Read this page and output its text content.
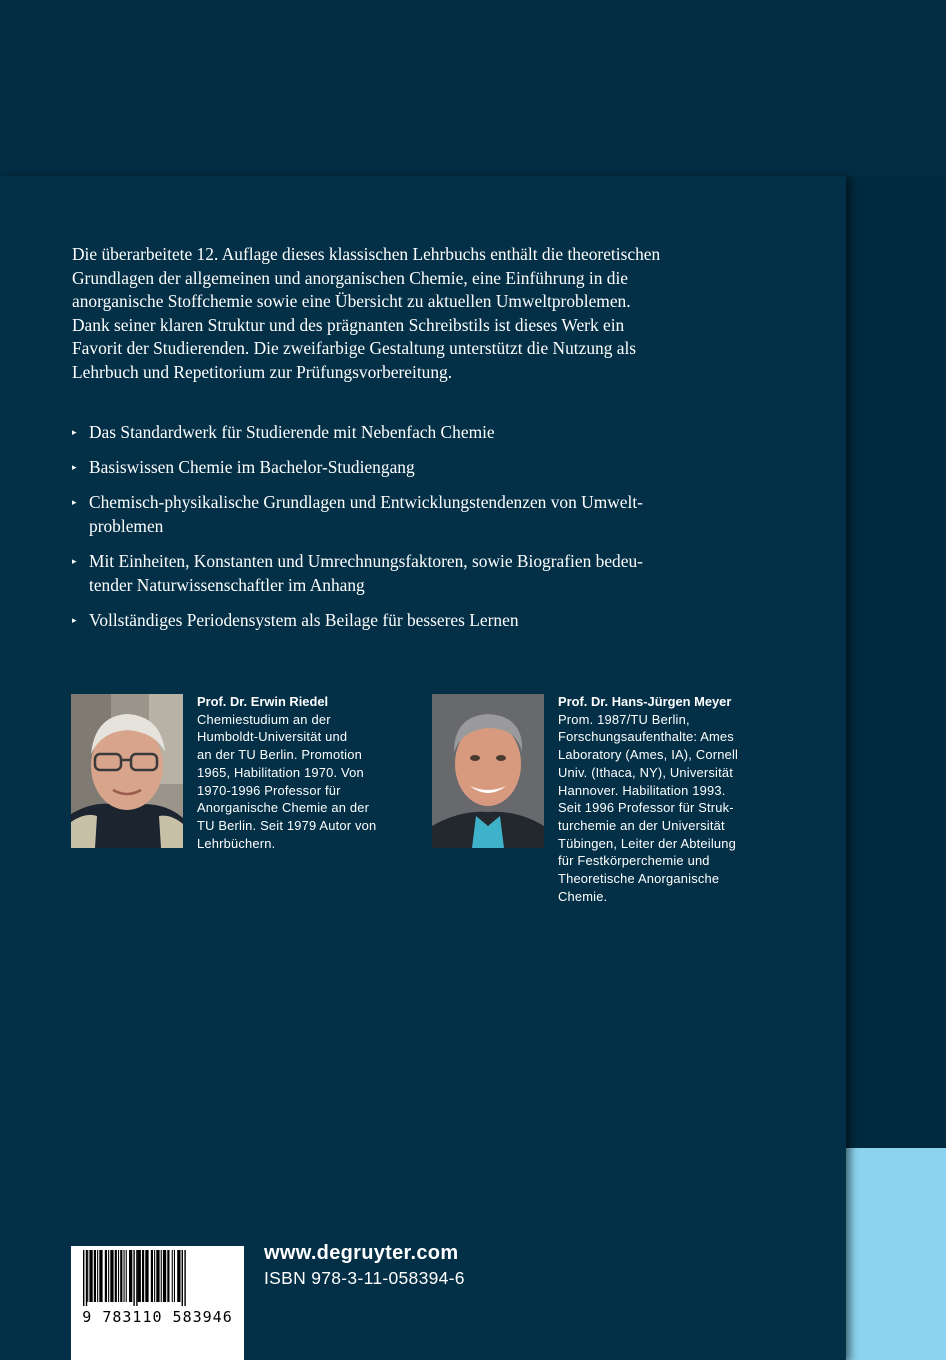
Die überarbeitete 12. Auflage dieses klassischen Lehrbuchs enthält die theoretischen
Grundlagen der allgemeinen und anorganischen Chemie, eine Einführung in die
anorganische Stoffchemie sowie eine Übersicht zu aktuellen Umweltproblemen.
Dank seiner klaren Struktur und des prägnanten Schreibstils ist dieses Werk ein
Favorit der Studierenden. Die zweifarbige Gestaltung unterstützt die Nutzung als
Lehrbuch und Repetitorium zur Prüfungsvorbereitung.
▸ Das Standardwerk für Studierende mit Nebenfach Chemie
▸ Basiswissen Chemie im Bachelor-Studiengang
▸ Chemisch-physikalische Grundlagen und Entwicklungstendenzen von Umwelt-
problemen
▸ Mit Einheiten, Konstanten und Umrechnungsfaktoren, sowie Biografien bedeu-
tender Naturwissenschaftler im Anhang
▸ Vollständiges Periodensystem als Beilage für besseres Lernen
Prof. Dr. Erwin Riedel
Chemiestudium an der
Humboldt-Universität und
an der TU Berlin. Promotion
1965, Habilitation 1970. Von
1970-1996 Professor für
Anorganische Chemie an der
TU Berlin. Seit 1979 Autor von
Lehrbüchern.
Prof. Dr. Hans-Jürgen Meyer
Prom. 1987/TU Berlin,
Forschungsaufenthalte: Ames
Laboratory (Ames, IA), Cornell
Univ. (Ithaca, NY), Universität
Hannover. Habilitation 1993.
Seit 1996 Professor für Struk-
turchemie an der Universität
Tübingen, Leiter der Abteilung
für Festkörperchemie und
Theoretische Anorganische
Chemie.
9 783110 583946
www.degruyter.com
ISBN 978-3-11-058394-6
